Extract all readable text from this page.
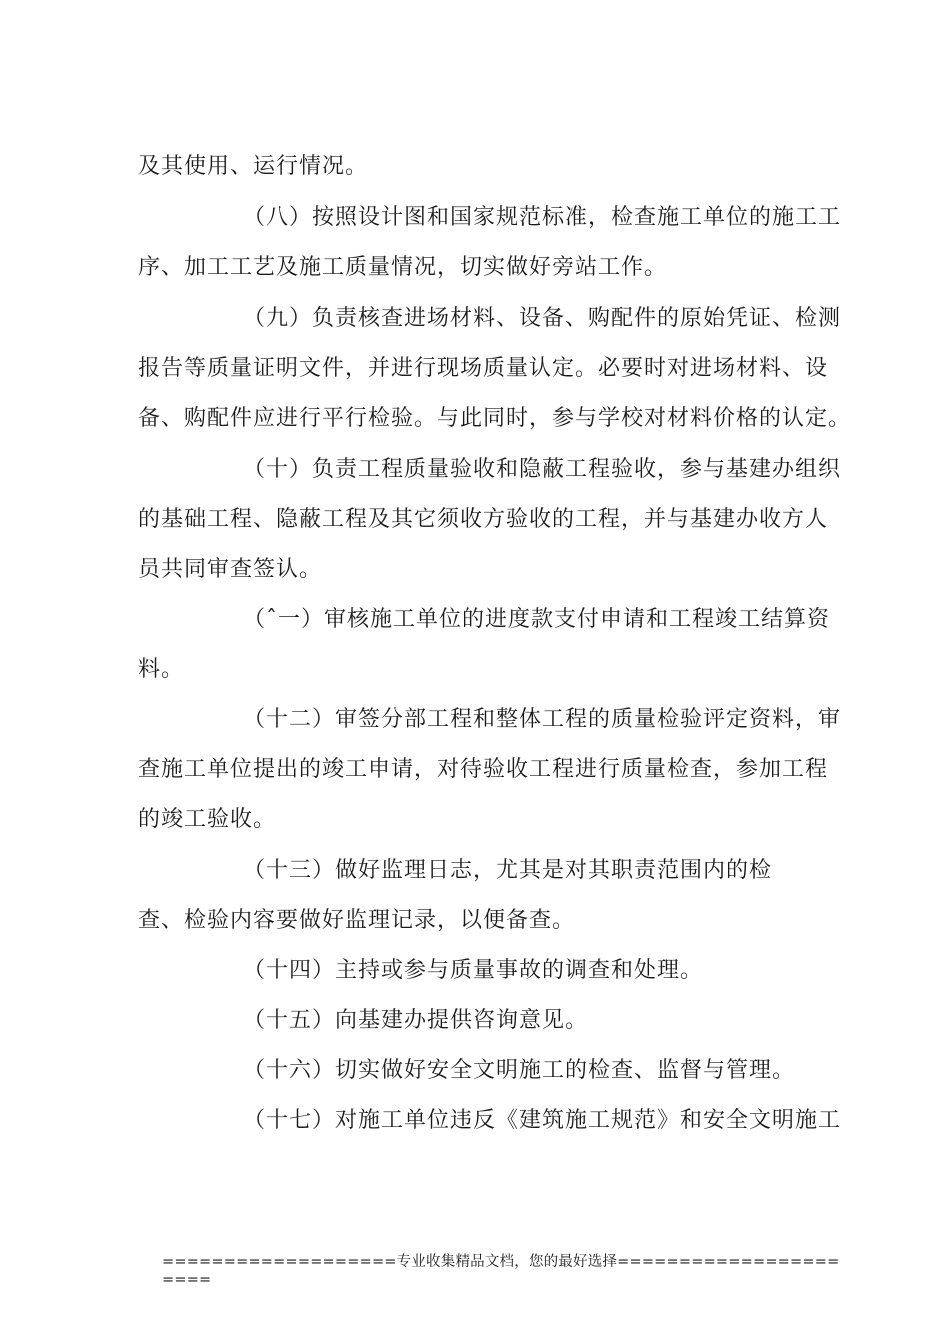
及其使用、运行情况。
（八）按照设计图和国家规范标准，检查施工单位的施工工
序、加工工艺及施工质量情况，切实做好旁站工作。
（九）负责核查进场材料、设备、购配件的原始凭证、检测
报告等质量证明文件，并进行现场质量认定。必要时对进场材料、设
备、购配件应进行平行检验。与此同时，参与学校对材料价格的认定。
（十）负责工程质量验收和隐蔽工程验收，参与基建办组织
的基础工程、隐蔽工程及其它须收方验收的工程，并与基建办收方人
员共同审查签认。
（ˆ一）审核施工单位的进度款支付申请和工程竣工结算资
料。
（十二）审签分部工程和整体工程的质量检验评定资料，审
查施工单位提出的竣工申请，对待验收工程进行质量检查，参加工程
的竣工验收。
（十三）做好监理日志，尤其是对其职责范围内的检
查、检验内容要做好监理记录，以便备查。
（十四）主持或参与质量事故的调查和处理。
（十五）向基建办提供咨询意见。
（十六）切实做好安全文明施工的检查、监督与管理。
（十七）对施工单位违反《建筑施工规范》和安全文明施工
===================专业收集精品文档，您的最好选择==================
====
